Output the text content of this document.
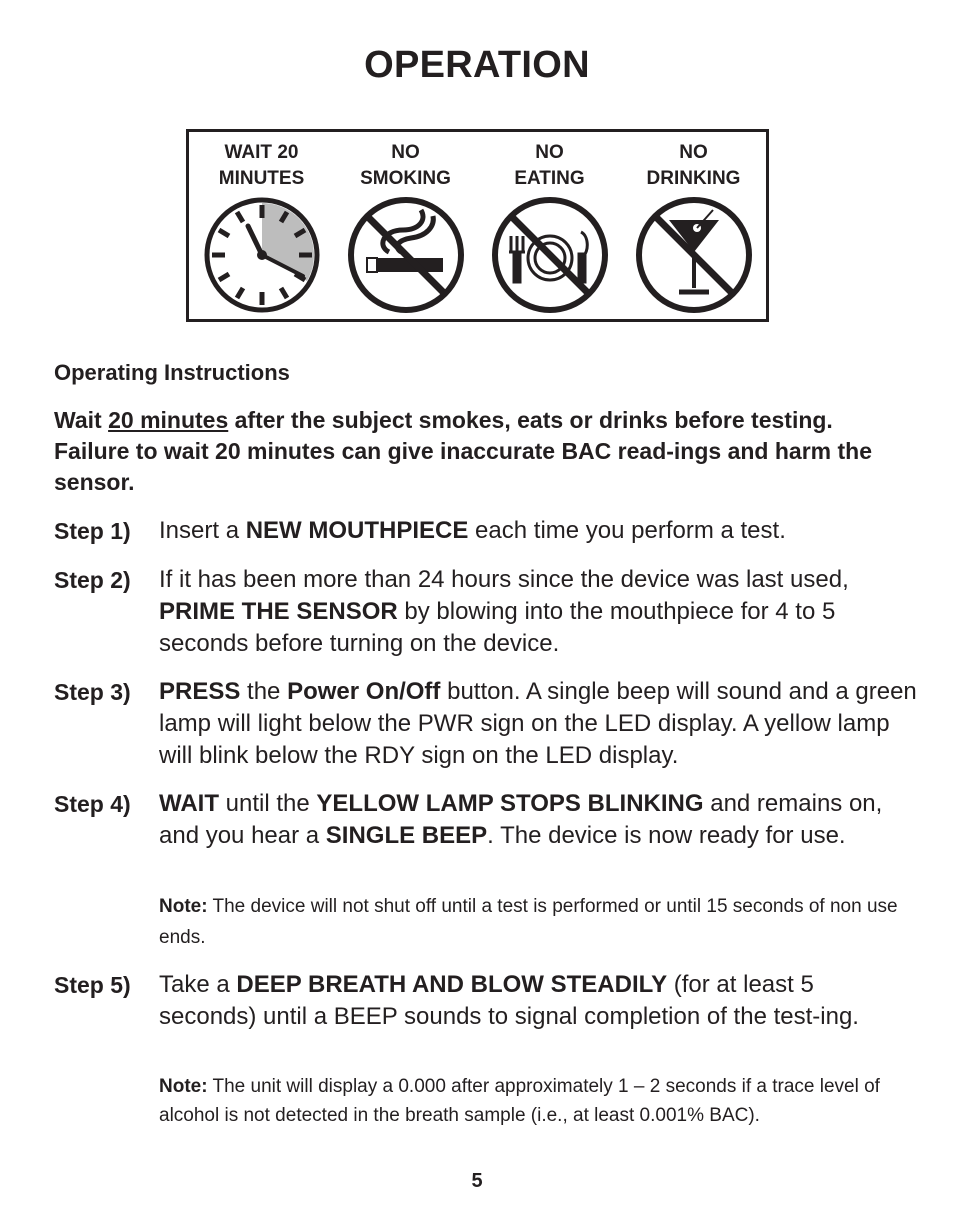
OPERATION
WAIT 20
MINUTES
NO
SMOKING
NO
EATING
NO
DRINKING
Operating Instructions
Wait 20 minutes after the subject smokes, eats or drinks before testing. Failure to wait 20 minutes can give inaccurate BAC read-ings and harm the sensor.
Step 1) Insert a NEW MOUTHPIECE each time you perform a test.
Step 2) If it has been more than 24 hours since the device was last used, PRIME THE SENSOR by blowing into the mouthpiece for 4 to 5 seconds before turning on the device.
Step 3) PRESS the Power On/Off button. A single beep will sound and a green lamp will light below the PWR sign on the LED display. A yellow lamp will blink below the RDY sign on the LED display.
Step 4) WAIT until the YELLOW LAMP STOPS BLINKING and remains on, and you hear a SINGLE BEEP. The device is now ready for use.
Note: The device will not shut off until a test is performed or until 15 seconds of non use ends.
Step 5) Take a DEEP BREATH AND BLOW STEADILY (for at least 5 seconds) until a BEEP sounds to signal completion of the test-ing.
Note: The unit will display a 0.000 after approximately 1 – 2 seconds if a trace level of alcohol is not detected in the breath sample (i.e., at least 0.001% BAC).
5
